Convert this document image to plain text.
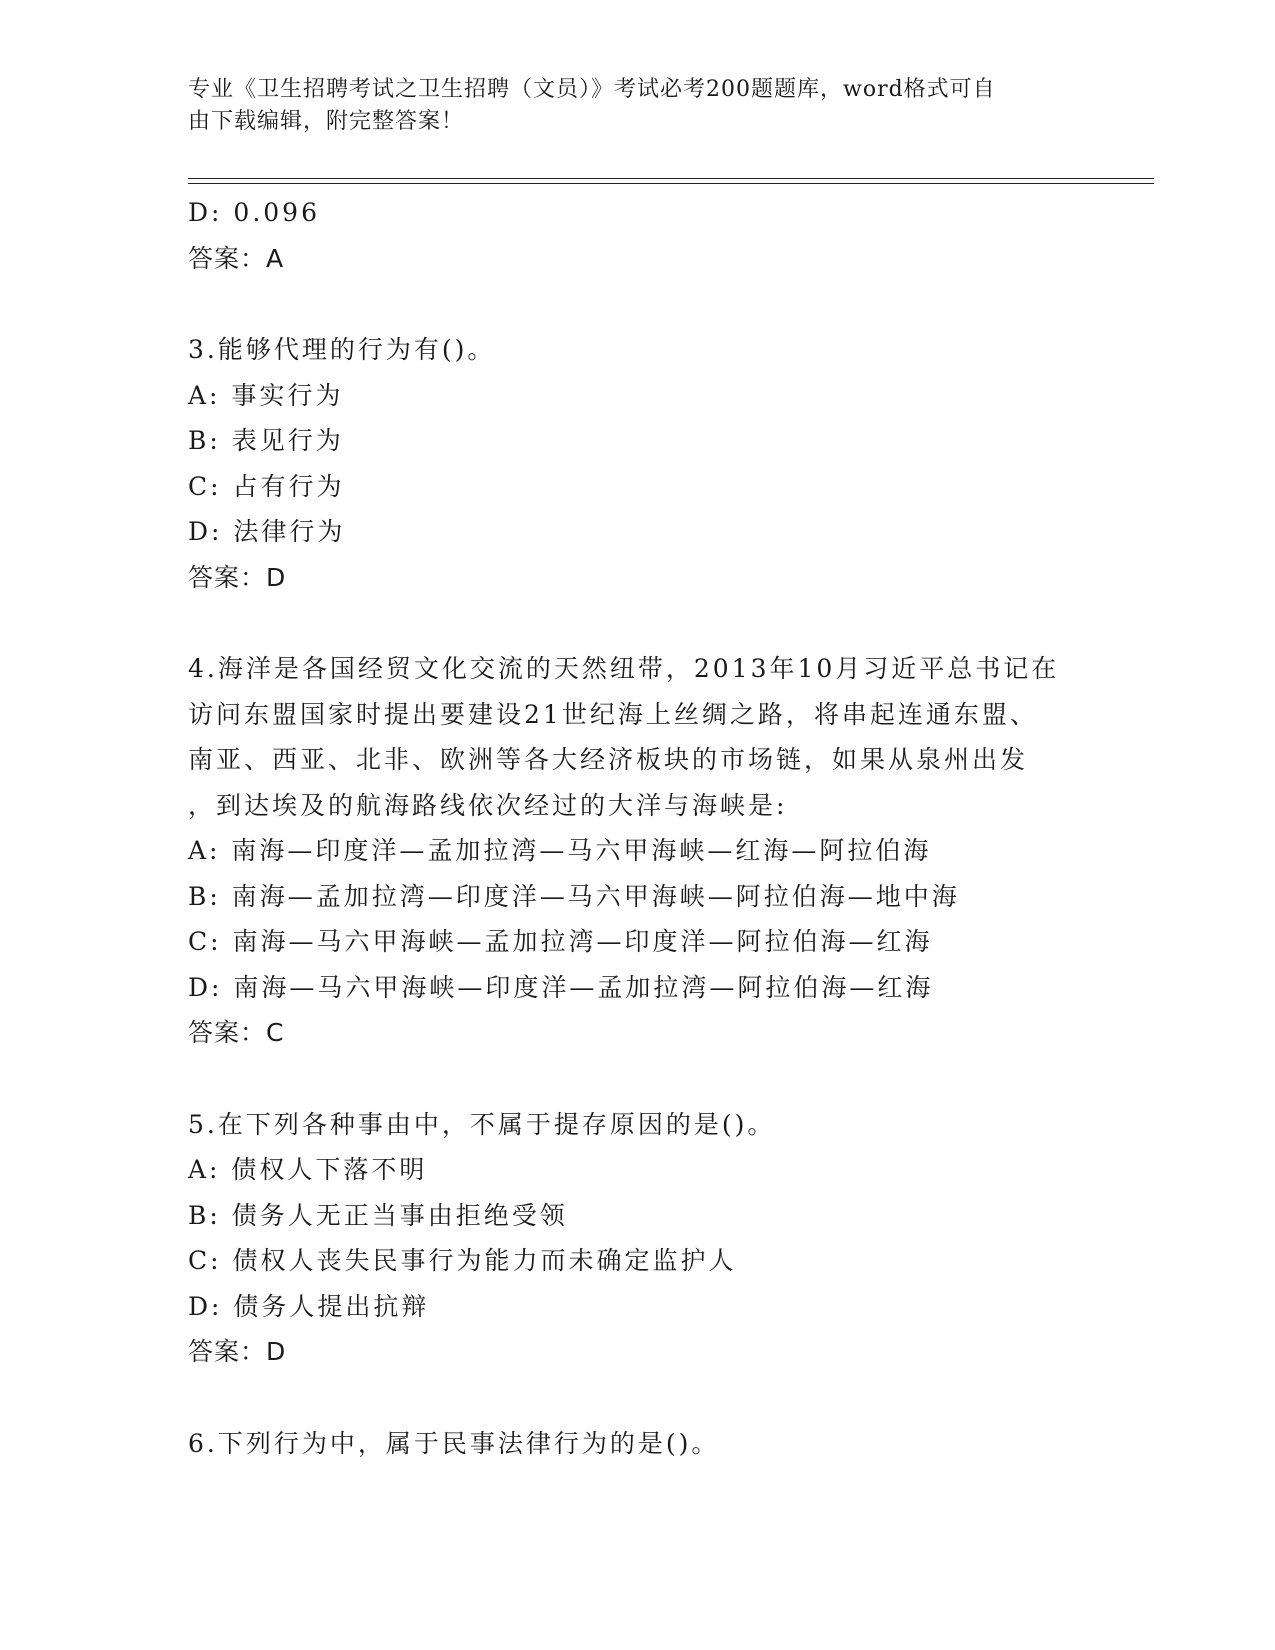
专业《卫生招聘考试之卫生招聘（文员）》考试必考200题题库，word格式可自
由下载编辑，附完整答案！
D: 0.096
答案：A
3.能够代理的行为有()。
A: 事实行为
B: 表见行为
C: 占有行为
D: 法律行为
答案：D
4.海洋是各国经贸文化交流的天然纽带，2013年10月习近平总书记在
访问东盟国家时提出要建设21世纪海上丝绸之路，将串起连通东盟、
南亚、西亚、北非、欧洲等各大经济板块的市场链，如果从泉州出发
，到达埃及的航海路线依次经过的大洋与海峡是:
A: 南海—印度洋—孟加拉湾—马六甲海峡—红海—阿拉伯海
B: 南海—孟加拉湾—印度洋—马六甲海峡—阿拉伯海—地中海
C: 南海—马六甲海峡—孟加拉湾—印度洋—阿拉伯海—红海
D: 南海—马六甲海峡—印度洋—孟加拉湾—阿拉伯海—红海
答案：C
5.在下列各种事由中，不属于提存原因的是()。
A: 债权人下落不明
B: 债务人无正当事由拒绝受领
C: 债权人丧失民事行为能力而未确定监护人
D: 债务人提出抗辩
答案：D
6.下列行为中，属于民事法律行为的是()。
